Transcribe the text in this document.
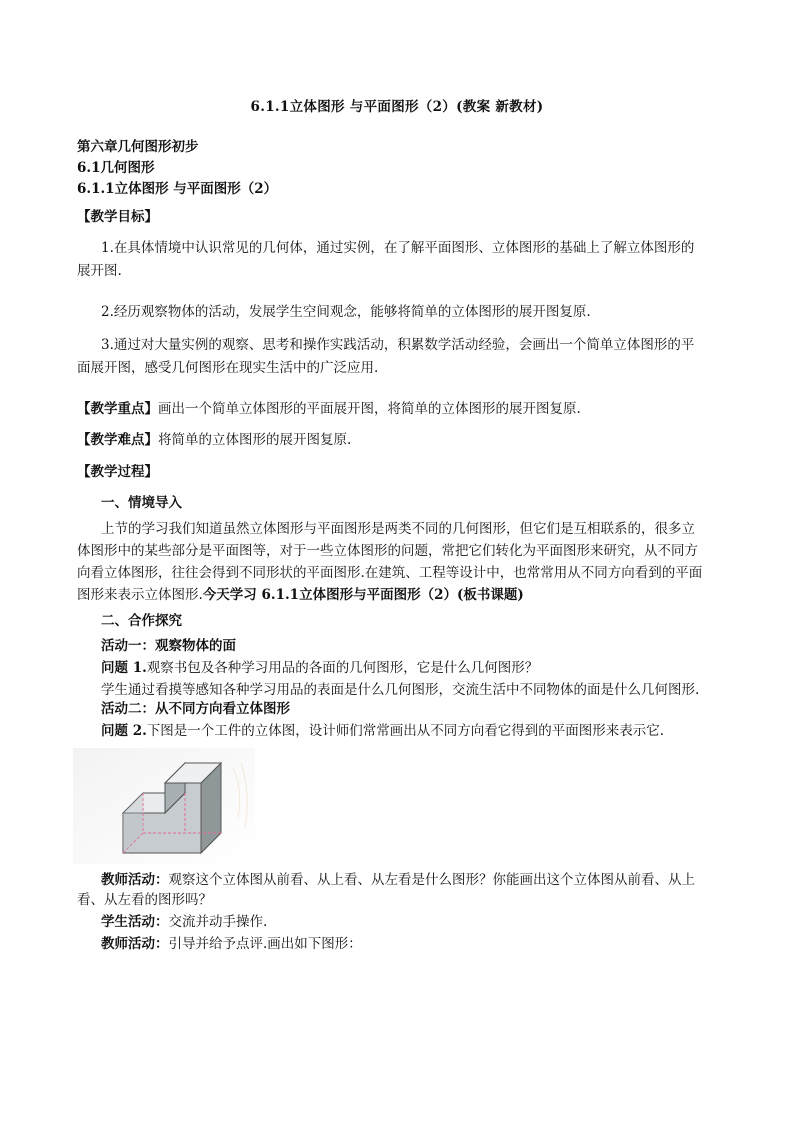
6.1.1立体图形 与平面图形（2）(教案 新教材)
第六章几何图形初步
6.1几何图形
6.1.1立体图形 与平面图形（2）
【教学目标】
1.在具体情境中认识常见的几何体，通过实例，在了解平面图形、立体图形的基础上了解立体图形的
展开图.
2.经历观察物体的活动，发展学生空间观念，能够将简单的立体图形的展开图复原.
3.通过对大量实例的观察、思考和操作实践活动，积累数学活动经验，会画出一个简单立体图形的平
面展开图，感受几何图形在现实生活中的广泛应用.
【教学重点】画出一个简单立体图形的平面展开图，将简单的立体图形的展开图复原.
【教学难点】将简单的立体图形的展开图复原.
【教学过程】
一、情境导入
上节的学习我们知道虽然立体图形与平面图形是两类不同的几何图形，但它们是互相联系的，很多立
体图形中的某些部分是平面图等，对于一些立体图形的问题，常把它们转化为平面图形来研究，从不同方
向看立体图形，往往会得到不同形状的平面图形.在建筑、工程等设计中，也常常用从不同方向看到的平面
图形来表示立体图形.今天学习 6.1.1立体图形与平面图形（2）(板书课题)
二、合作探究
活动一：观察物体的面
问题 1.观察书包及各种学习用品的各面的几何图形，它是什么几何图形？
学生通过看摸等感知各种学习用品的表面是什么几何图形，交流生活中不同物体的面是什么几何图形.
活动二：从不同方向看立体图形
问题 2.下图是一个工件的立体图，设计师们常常画出从不同方向看它得到的平面图形来表示它.
教师活动：观察这个立体图从前看、从上看、从左看是什么图形？你能画出这个立体图从前看、从上
看、从左看的图形吗？
学生活动：交流并动手操作.
教师活动：引导并给予点评.画出如下图形：
